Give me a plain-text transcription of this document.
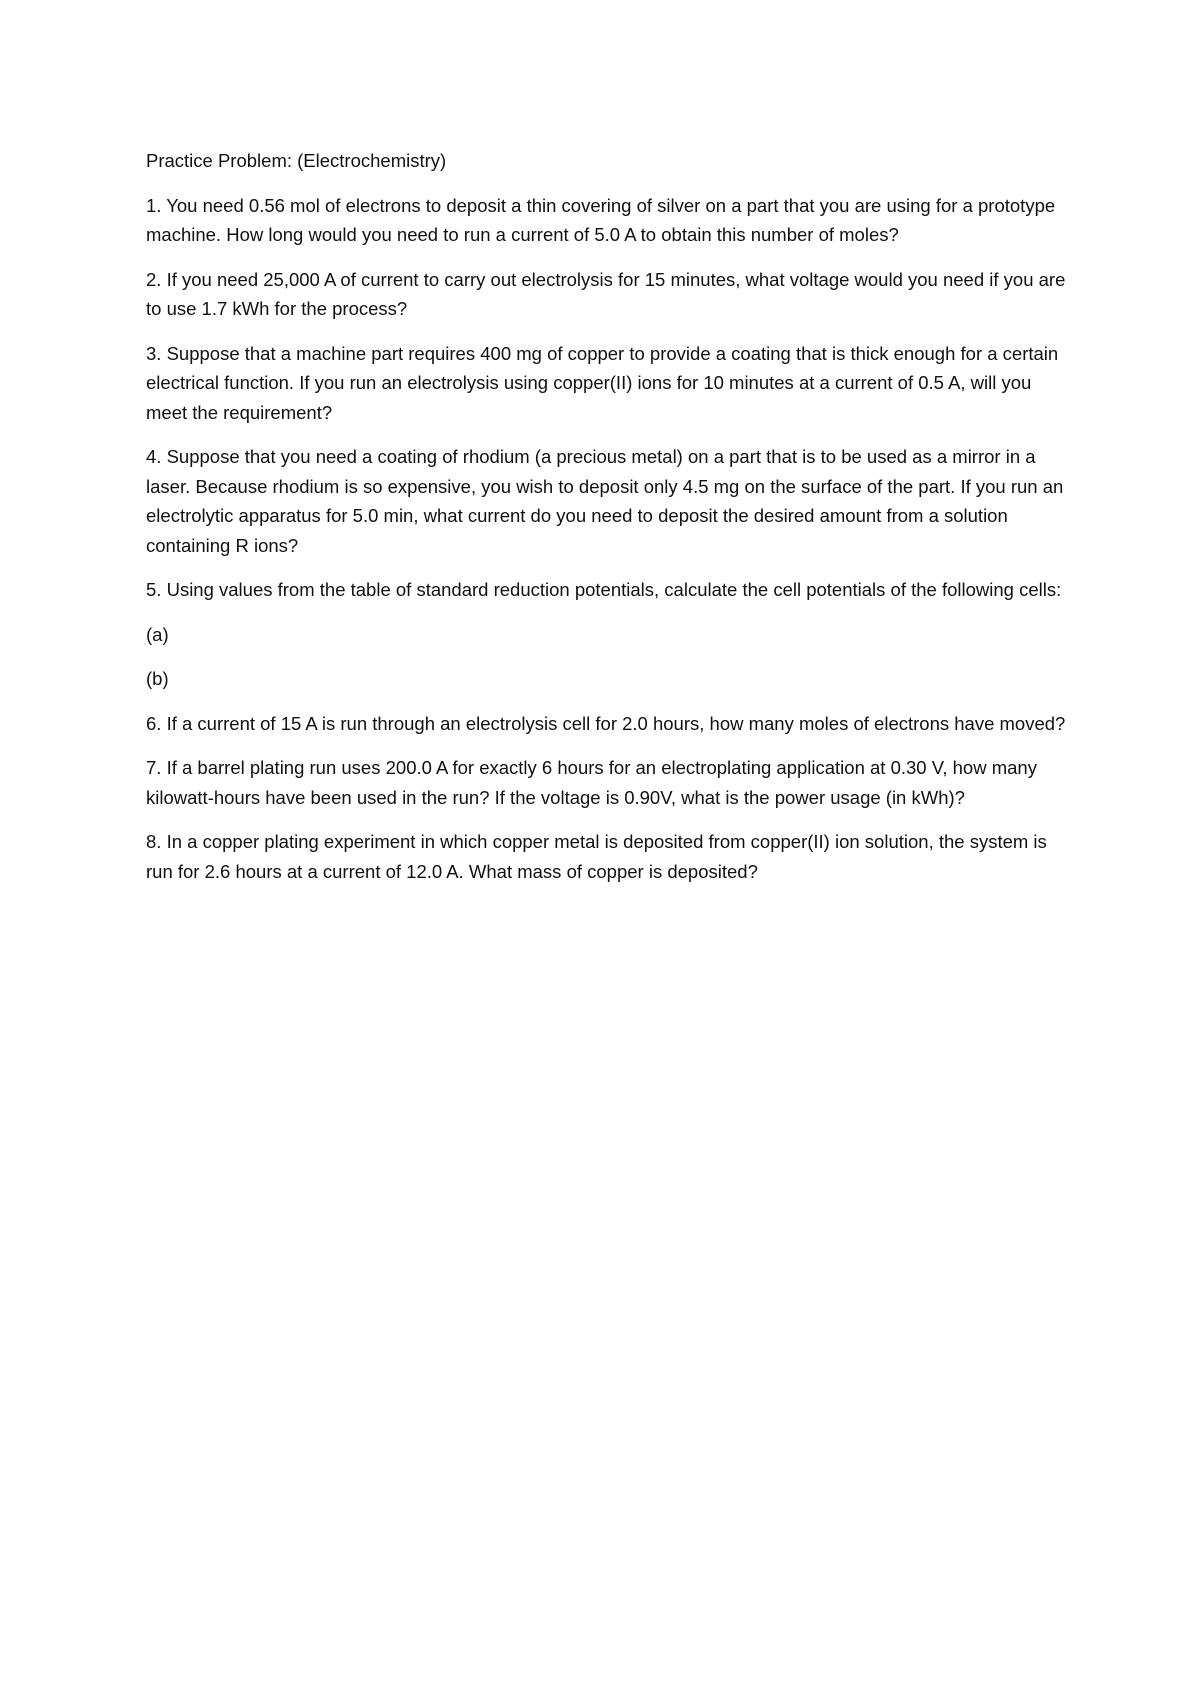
Practice Problem: (Electrochemistry)

1. You need 0.56 mol of electrons to deposit a thin covering of silver on a part that you are using for a prototype machine. How long would you need to run a current of 5.0 A to obtain this number of moles?

2. If you need 25,000 A of current to carry out electrolysis for 15 minutes, what voltage would you need if you are to use 1.7 kWh for the process?

3. Suppose that a machine part requires 400 mg of copper to provide a coating that is thick enough for a certain electrical function. If you run an electrolysis using copper(II) ions for 10 minutes at a current of 0.5 A, will you meet the requirement?

4. Suppose that you need a coating of rhodium (a precious metal) on a part that is to be used as a mirror in a laser. Because rhodium is so expensive, you wish to deposit only 4.5 mg on the surface of the part. If you run an electrolytic apparatus for 5.0 min, what current do you need to deposit the desired amount from a solution containing R ions?

5. Using values from the table of standard reduction potentials, calculate the cell potentials of the following cells:

(a)

(b)

6. If a current of 15 A is run through an electrolysis cell for 2.0 hours, how many moles of electrons have moved?

7. If a barrel plating run uses 200.0 A for exactly 6 hours for an electroplating application at 0.30 V, how many kilowatt-hours have been used in the run? If the voltage is 0.90V, what is the power usage (in kWh)?

8. In a copper plating experiment in which copper metal is deposited from copper(II) ion solution, the system is run for 2.6 hours at a current of 12.0 A. What mass of copper is deposited?
